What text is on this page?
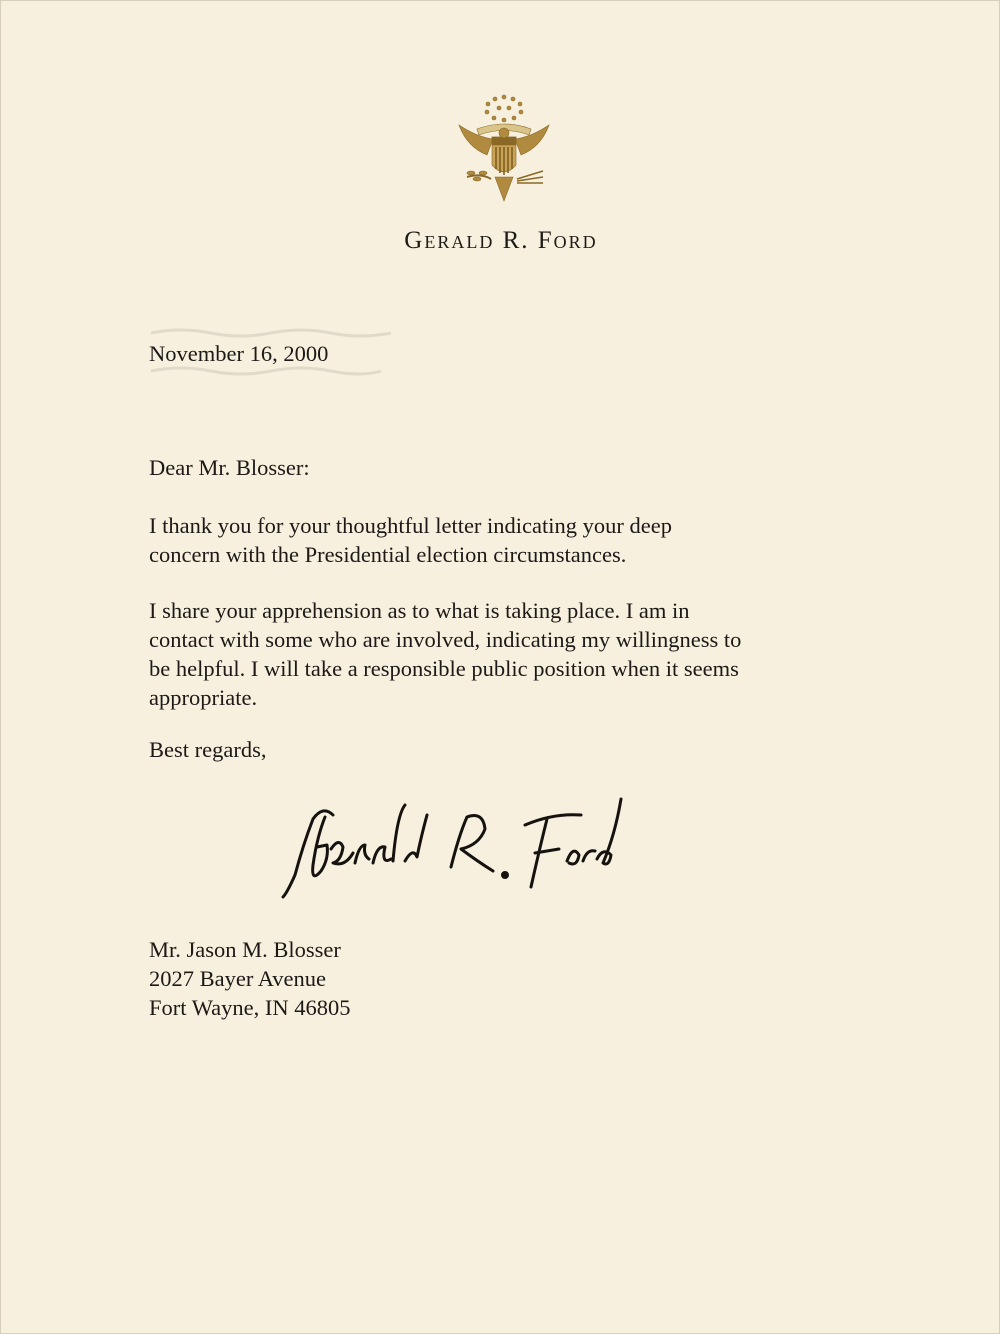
Gerald R. Ford
November 16, 2000
Dear Mr. Blosser:
I thank you for your thoughtful letter indicating your deep
concern with the Presidential election circumstances.
I share your apprehension as to what is taking place. I am in
contact with some who are involved, indicating my willingness to
be helpful. I will take a responsible public position when it seems
appropriate.
Best regards,
Mr. Jason M. Blosser
2027 Bayer Avenue
Fort Wayne, IN 46805
